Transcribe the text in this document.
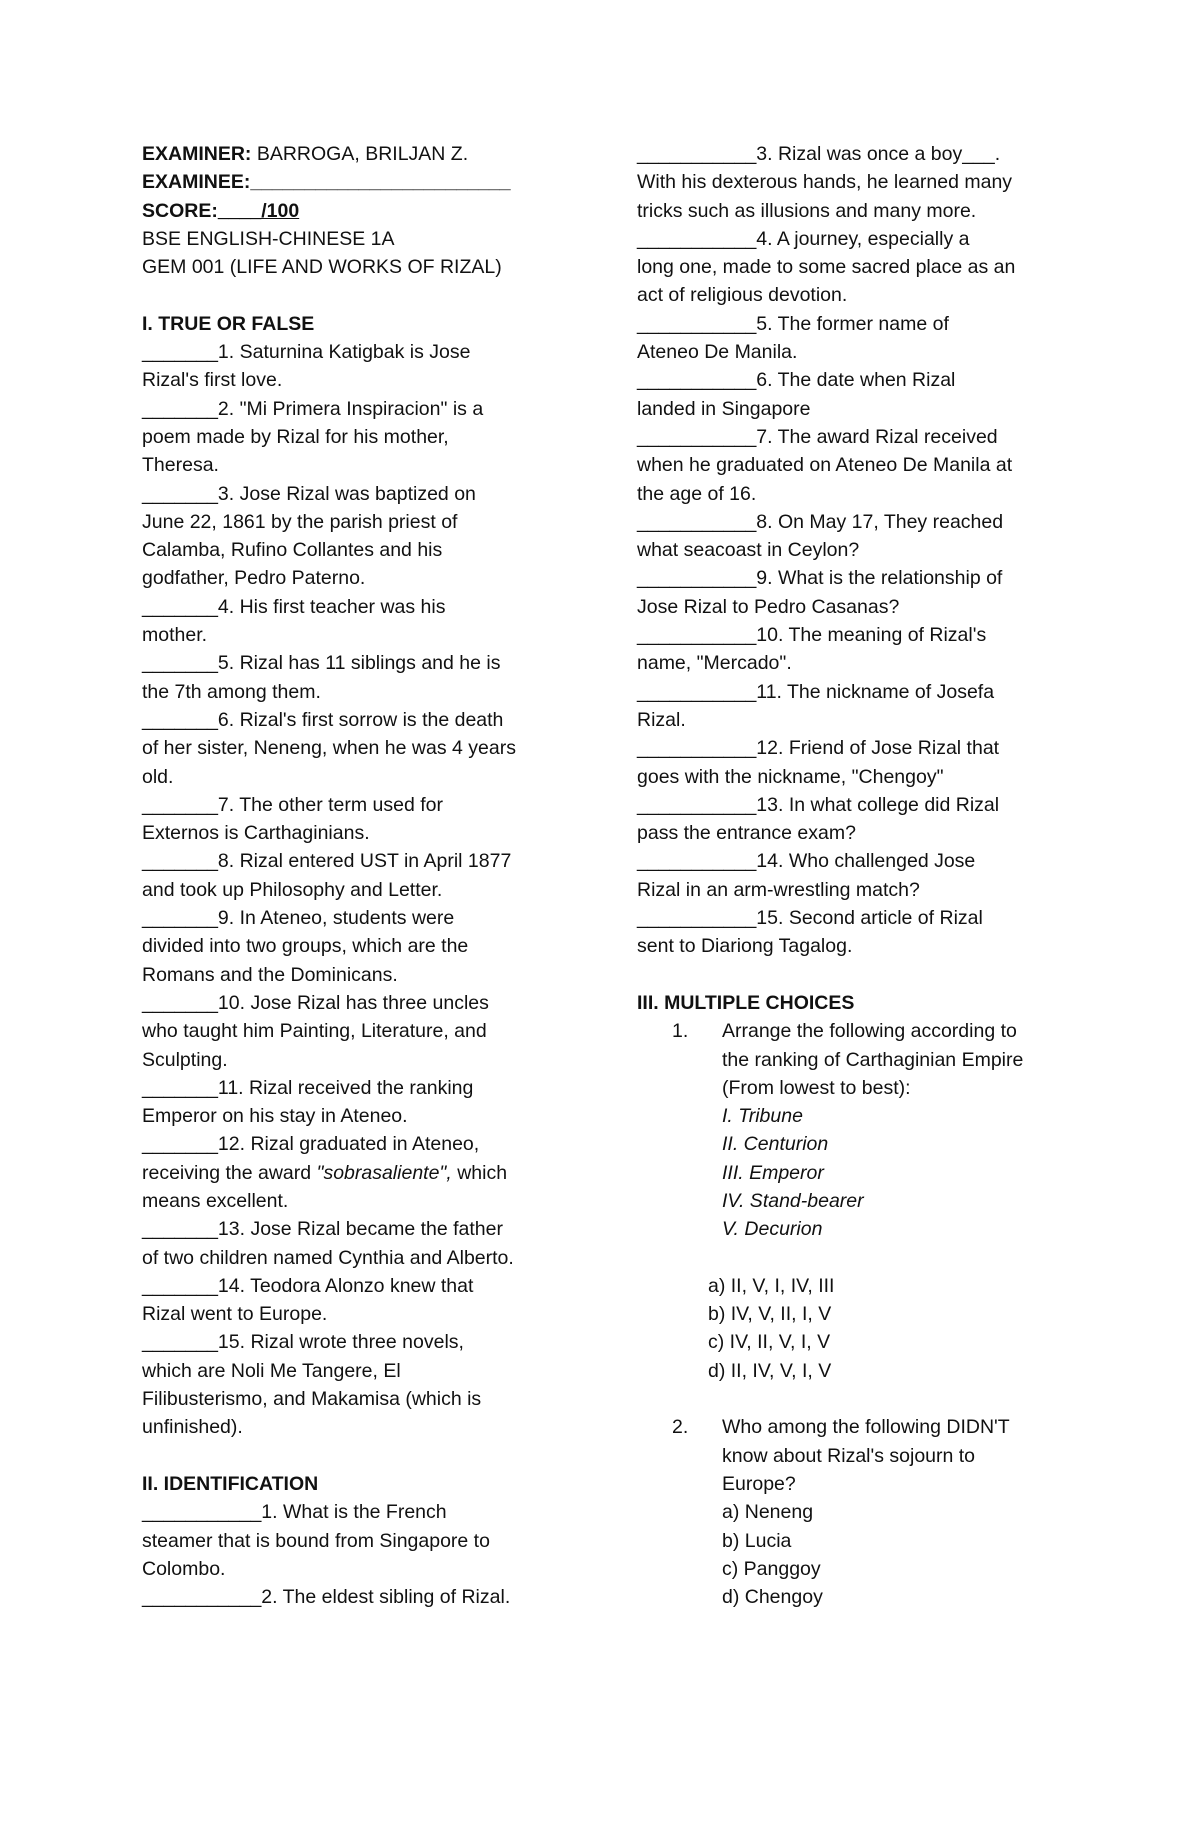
EXAMINER: BARROGA, BRILJAN Z.
EXAMINEE:________________________
SCORE:____/100
BSE ENGLISH-CHINESE 1A
GEM 001 (LIFE AND WORKS OF RIZAL)
I. TRUE OR FALSE
_______1. Saturnina Katigbak is Jose
Rizal's first love.
_______2. "Mi Primera Inspiracion" is a
poem made by Rizal for his mother,
Theresa.
_______3. Jose Rizal was baptized on
June 22, 1861 by the parish priest of
Calamba, Rufino Collantes and his
godfather, Pedro Paterno.
_______4. His first teacher was his
mother.
_______5. Rizal has 11 siblings and he is
the 7th among them.
_______6. Rizal's first sorrow is the death
of her sister, Neneng, when he was 4 years
old.
_______7. The other term used for
Externos is Carthaginians.
_______8. Rizal entered UST in April 1877
and took up Philosophy and Letter.
_______9. In Ateneo, students were
divided into two groups, which are the
Romans and the Dominicans.
_______10. Jose Rizal has three uncles
who taught him Painting, Literature, and
Sculpting.
_______11. Rizal received the ranking
Emperor on his stay in Ateneo.
_______12. Rizal graduated in Ateneo,
receiving the award "sobrasaliente", which
means excellent.
_______13. Jose Rizal became the father
of two children named Cynthia and Alberto.
_______14. Teodora Alonzo knew that
Rizal went to Europe.
_______15. Rizal wrote three novels,
which are Noli Me Tangere, El
Filibusterismo, and Makamisa (which is
unfinished).
II. IDENTIFICATION
___________1. What is the French
steamer that is bound from Singapore to
Colombo.
___________2. The eldest sibling of Rizal.
___________3. Rizal was once a boy___.
With his dexterous hands, he learned many
tricks such as illusions and many more.
___________4. A journey, especially a
long one, made to some sacred place as an
act of religious devotion.
___________5. The former name of
Ateneo De Manila.
___________6. The date when Rizal
landed in Singapore
___________7. The award Rizal received
when he graduated on Ateneo De Manila at
the age of 16.
___________8. On May 17, They reached
what seacoast in Ceylon?
___________9. What is the relationship of
Jose Rizal to Pedro Casanas?
___________10. The meaning of Rizal's
name, "Mercado".
___________11. The nickname of Josefa
Rizal.
___________12. Friend of Jose Rizal that
goes with the nickname, "Chengoy"
___________13. In what college did Rizal
pass the entrance exam?
___________14. Who challenged Jose
Rizal in an arm-wrestling match?
___________15. Second article of Rizal
sent to Diariong Tagalog.
III. MULTIPLE CHOICES
1.	Arrange the following according to
the ranking of Carthaginian Empire
(From lowest to best):
I. Tribune
II. Centurion
III. Emperor
IV. Stand-bearer
V. Decurion
a) II, V, I, IV, III
b) IV, V, II, I, V
c) IV, II, V, I, V
d) II, IV, V, I, V
2.	Who among the following DIDN'T
know about Rizal's sojourn to
Europe?
a) Neneng
b) Lucia
c) Panggoy
d) Chengoy
